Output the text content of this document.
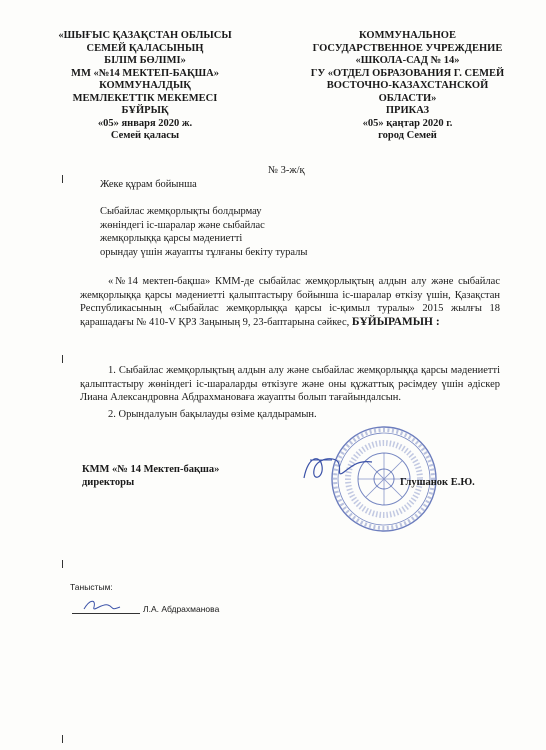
«ШЫҒЫС ҚАЗАҚСТАН ОБЛЫСЫ
СЕМЕЙ ҚАЛАСЫНЫҢ
БІЛІМ БӨЛІМІ»
ММ «№14 МЕКТЕП-БАҚША»
КОММУНАЛДЫҚ
МЕМЛЕКЕТТІК МЕКЕМЕСІ
БҰЙРЫҚ
«05» января 2020 ж.
Семей қаласы
КОММУНАЛЬНОЕ
ГОСУДАРСТВЕННОЕ УЧРЕЖДЕНИЕ
«ШКОЛА-САД № 14»
ГУ «ОТДЕЛ ОБРАЗОВАНИЯ Г. СЕМЕЙ
ВОСТОЧНО-КАЗАХСТАНСКОЙ
ОБЛАСТИ»
ПРИКАЗ
«05» қаңтар 2020 г.
город Семей
№ 3-ж/қ
Жеке құрам бойынша
Сыбайлас жемқорлықты болдырмау
жөніндегі іс-шаралар және сыбайлас
жемқорлыққа қарсы мәдениетті
орындау үшін жауапты тұлғаны бекіту туралы
«№14 мектеп-бақша» КММ-де сыбайлас жемқорлықтың алдын алу және сыбайлас жемқорлыққа қарсы мәдениетті қалыптастыру бойынша іс-шаралар өткізу үшін, Қазақстан Республикасының «Сыбайлас жемқорлыққа қарсы іс-қимыл туралы» 2015 жылғы 18 қарашадағы № 410-V ҚРЗ Заңының 9, 23-баптарына сәйкес, БҰЙЫРАМЫН :
1. Сыбайлас жемқорлықтың алдын алу және сыбайлас жемқорлыққа қарсы мәдениетті қалыптастыру жөніндегі іс-шараларды өткізуге және оны құжаттық рәсімдеу үшін әдіскер Лиана Александровна Абдрахмановаға жауапты болып тағайындалсын.
2. Орындалуын бақылауды өзіме қалдырамын.
КММ «№ 14 Мектеп-бақша»
директоры	Глушанок Е.Ю.
Таныстым:
Л.А. Абдрахманова
